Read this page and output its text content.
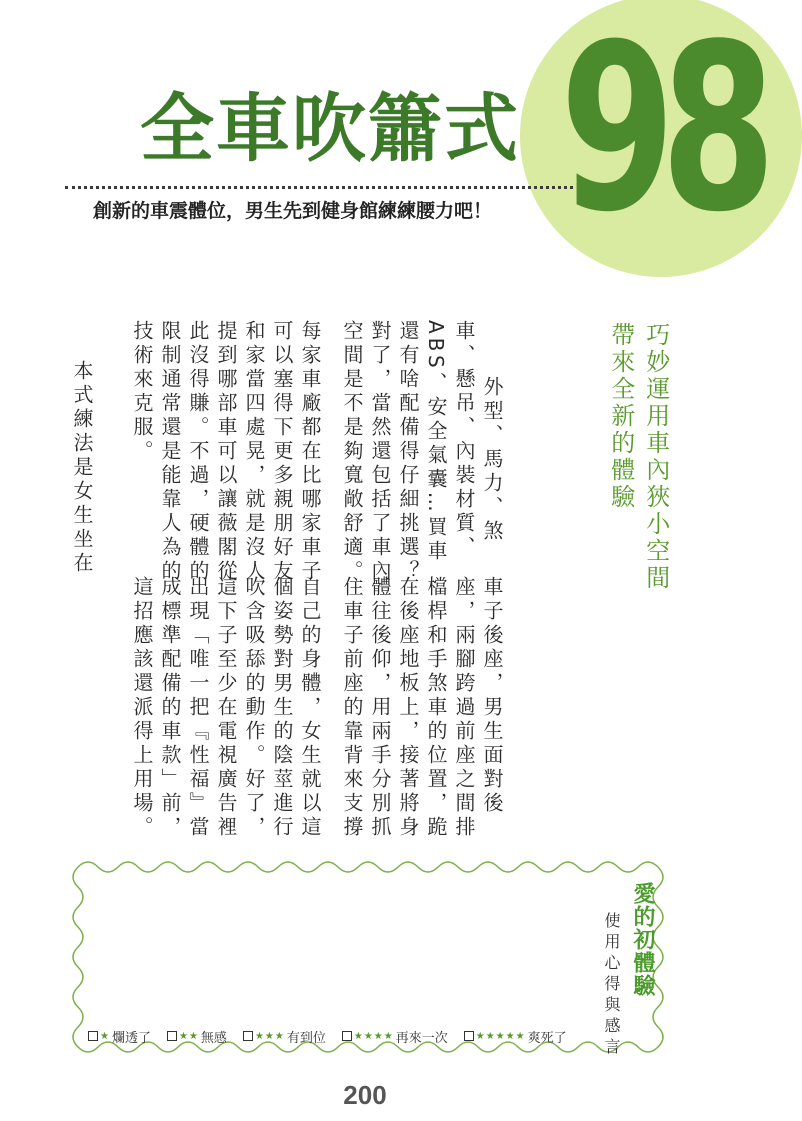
98
全車吹簫式
創新的車震體位，男生先到健身館練練腰力吧！
巧妙運用車內狹小空間
帶來全新的體驗
外型、馬力、煞
車、懸吊、內裝材質、
ABS、安全氣囊…買車
還有啥配備得仔細挑選？
對了，當然還包括了車內
空間是不是夠寬敞舒適。
每家車廠都在比哪家車子
可以塞得下更多親朋好友
和家當四處晃，就是沒人
提到哪部車可以讓薇閣從
此沒得賺。不過，硬體的
限制通常還是能靠人為的
技術來克服。
本式練法是女生坐在
車子後座，男生面對後
座，兩腳跨過前座之間排
檔桿和手煞車的位置，跪
在後座地板上，接著將身
體往後仰，用兩手分別抓
住車子前座的靠背來支撐
自己的身體，女生就以這
個姿勢對男生的陰莖進行
吹含吸舔的動作。好了，
這下子至少在電視廣告裡
出現「唯一把『性福』當
成標準配備的車款」前，
這招應該還派得上用場。
愛的初體驗
使用心得與感言
★ 爛透了	★★ 無感	★★★ 有到位	★★★★ 再來一次	★★★★★ 爽死了
200
